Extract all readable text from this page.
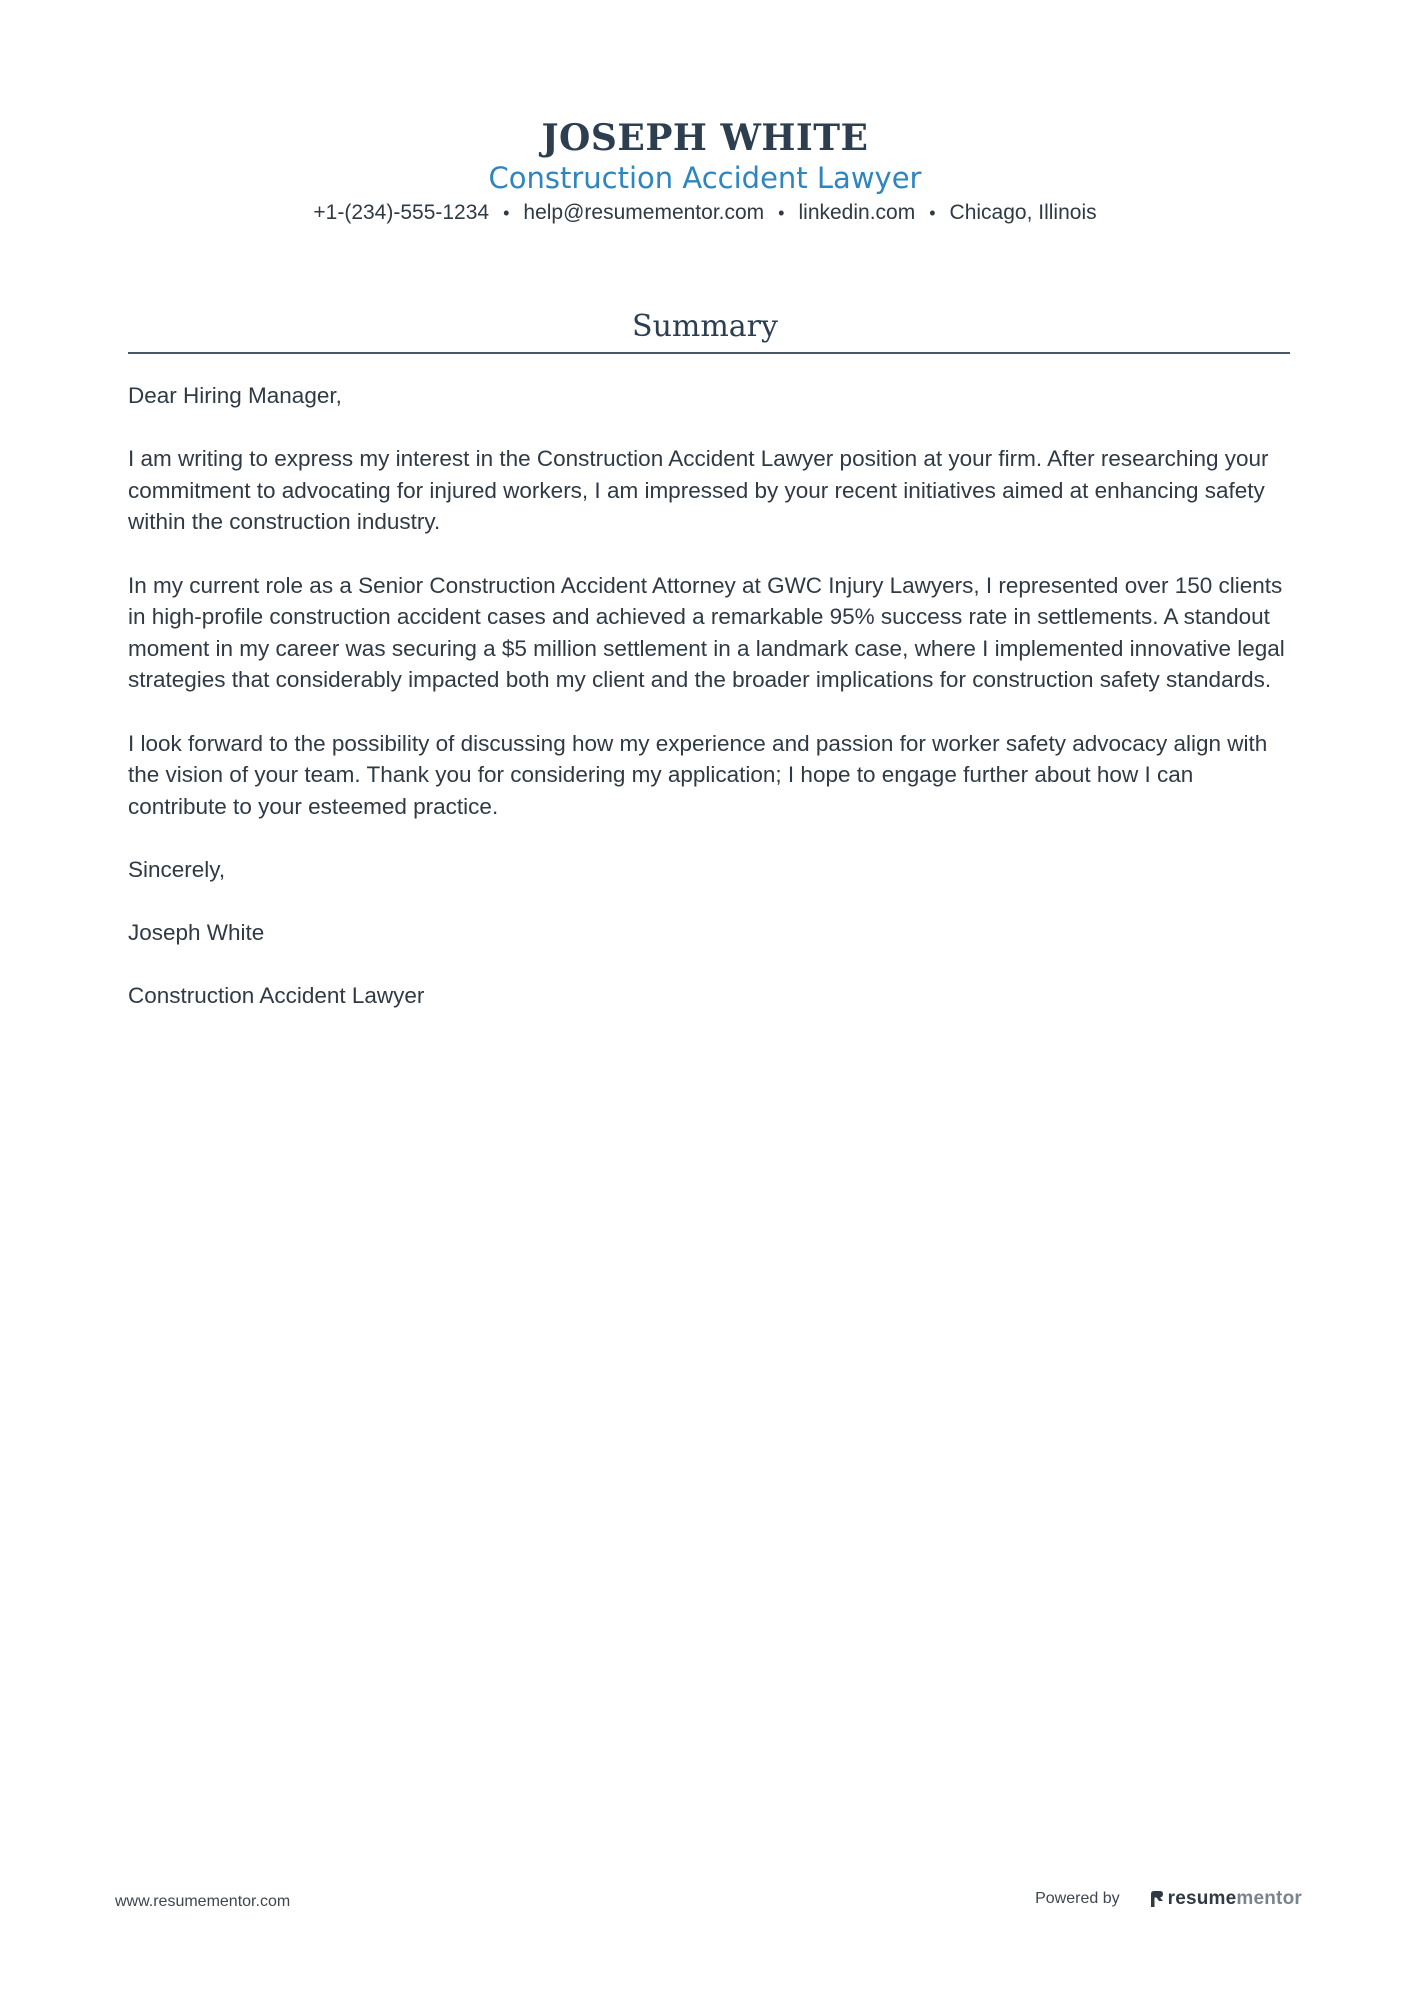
JOSEPH WHITE
Construction Accident Lawyer
+1-(234)-555-1234 • help@resumementor.com • linkedin.com • Chicago, Illinois
Summary

Dear Hiring Manager,

I am writing to express my interest in the Construction Accident Lawyer position at your firm. After researching your commitment to advocating for injured workers, I am impressed by your recent initiatives aimed at enhancing safety within the construction industry.

In my current role as a Senior Construction Accident Attorney at GWC Injury Lawyers, I represented over 150 clients in high-profile construction accident cases and achieved a remarkable 95% success rate in settlements. A standout moment in my career was securing a $5 million settlement in a landmark case, where I implemented innovative legal strategies that considerably impacted both my client and the broader implications for construction safety standards.

I look forward to the possibility of discussing how my experience and passion for worker safety advocacy align with the vision of your team. Thank you for considering my application; I hope to engage further about how I can contribute to your esteemed practice.

Sincerely,

Joseph White

Construction Accident Lawyer

www.resumementor.com	Powered by	resume mentor
